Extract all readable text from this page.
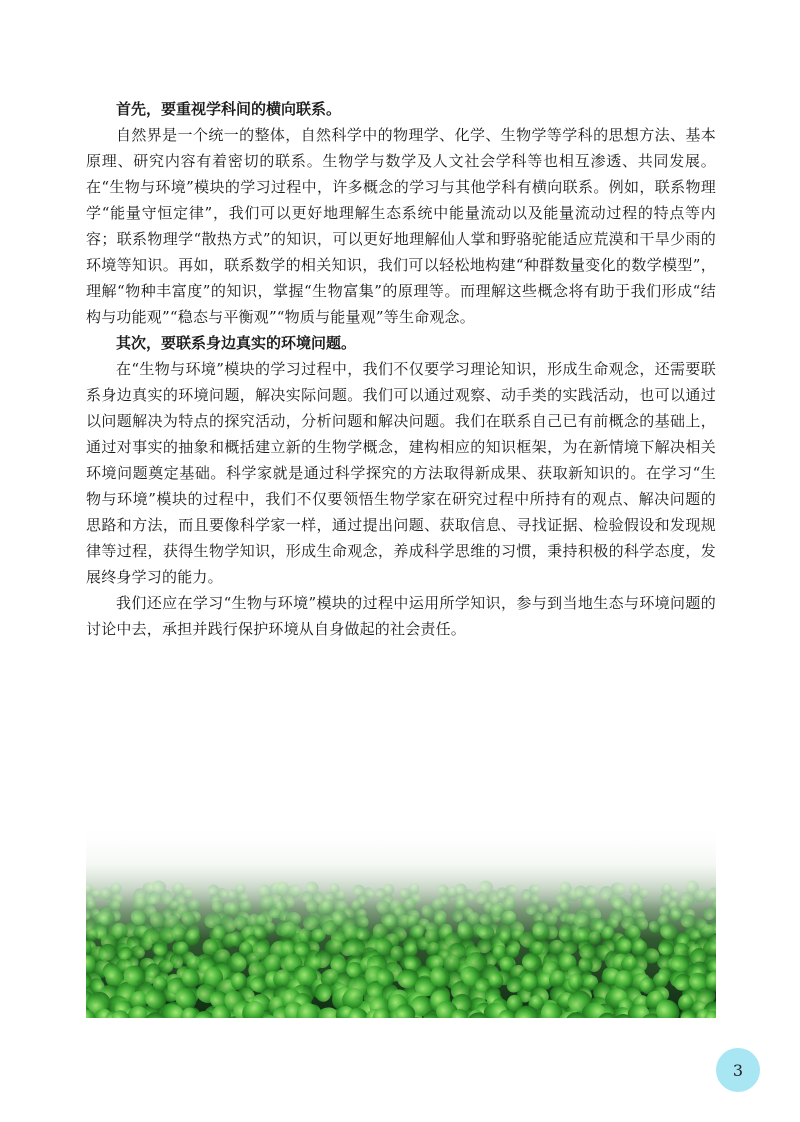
首先，要重视学科间的横向联系。

自然界是一个统一的整体，自然科学中的物理学、化学、生物学等学科的思想方法、基本原理、研究内容有着密切的联系。生物学与数学及人文社会学科等也相互渗透、共同发展。在“生物与环境”模块的学习过程中，许多概念的学习与其他学科有横向联系。例如，联系物理学“能量守恒定律”，我们可以更好地理解生态系统中能量流动以及能量流动过程的特点等内容；联系物理学“散热方式”的知识，可以更好地理解仙人掌和野骆驼能适应荒漠和干旱少雨的环境等知识。再如，联系数学的相关知识，我们可以轻松地构建“种群数量变化的数学模型”，理解“物种丰富度”的知识，掌握“生物富集”的原理等。而理解这些概念将有助于我们形成“结构与功能观”“稳态与平衡观”“物质与能量观”等生命观念。

其次，要联系身边真实的环境问题。

在“生物与环境”模块的学习过程中，我们不仅要学习理论知识，形成生命观念，还需要联系身边真实的环境问题，解决实际问题。我们可以通过观察、动手类的实践活动，也可以通过以问题解决为特点的探究活动，分析问题和解决问题。我们在联系自己已有前概念的基础上，通过对事实的抽象和概括建立新的生物学概念，建构相应的知识框架，为在新情境下解决相关环境问题奠定基础。科学家就是通过科学探究的方法取得新成果、获取新知识的。在学习“生物与环境”模块的过程中，我们不仅要领悟生物学家在研究过程中所持有的观点、解决问题的思路和方法，而且要像科学家一样，通过提出问题、获取信息、寻找证据、检验假设和发现规律等过程，获得生物学知识，形成生命观念，养成科学思维的习惯，秉持积极的科学态度，发展终身学习的能力。

我们还应在学习“生物与环境”模块的过程中运用所学知识，参与到当地生态与环境问题的讨论中去，承担并践行保护环境从自身做起的社会责任。

3
